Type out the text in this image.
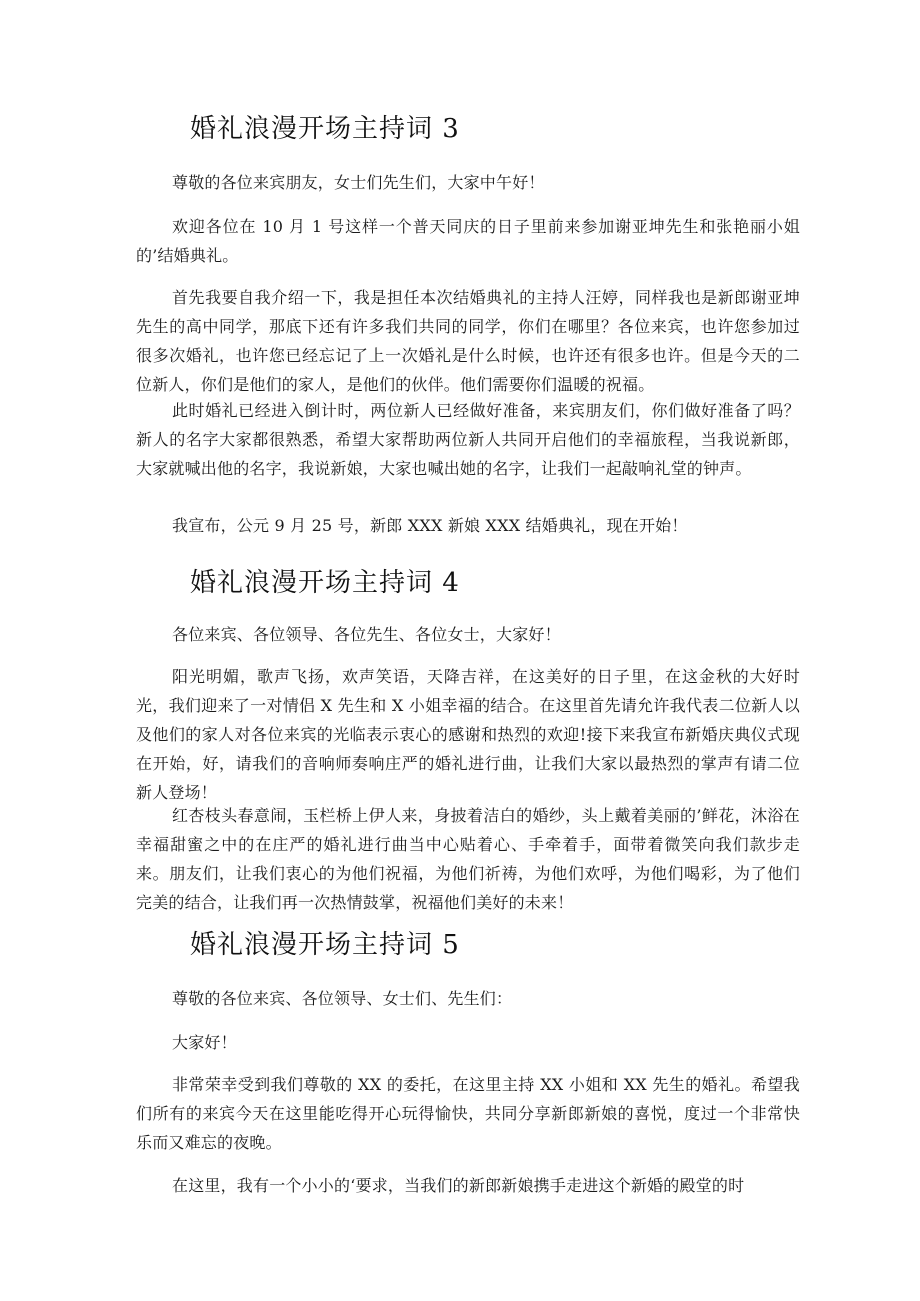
婚礼浪漫开场主持词 3

尊敬的各位来宾朋友，女士们先生们，大家中午好！

欢迎各位在 10 月 1 号这样一个普天同庆的日子里前来参加谢亚坤先生和张艳丽小姐的’结婚典礼。

首先我要自我介绍一下，我是担任本次结婚典礼的主持人汪婷，同样我也是新郎谢亚坤先生的高中同学，那底下还有许多我们共同的同学，你们在哪里？各位来宾，也许您参加过很多次婚礼，也许您已经忘记了上一次婚礼是什么时候，也许还有很多也许。但是今天的二位新人，你们是他们的家人，是他们的伙伴。他们需要你们温暖的祝福。

此时婚礼已经进入倒计时，两位新人已经做好准备，来宾朋友们，你们做好准备了吗？新人的名字大家都很熟悉，希望大家帮助两位新人共同开启他们的幸福旅程，当我说新郎，大家就喊出他的名字，我说新娘，大家也喊出她的名字，让我们一起敲响礼堂的钟声。

我宣布，公元 9 月 25 号，新郎 XXX 新娘 XXX 结婚典礼，现在开始！

婚礼浪漫开场主持词 4

各位来宾、各位领导、各位先生、各位女士，大家好！

阳光明媚，歌声飞扬，欢声笑语，天降吉祥，在这美好的日子里，在这金秋的大好时光，我们迎来了一对情侣 X 先生和 X 小姐幸福的结合。在这里首先请允许我代表二位新人以及他们的家人对各位来宾的光临表示衷心的感谢和热烈的欢迎!接下来我宣布新婚庆典仪式现在开始，好，请我们的音响师奏响庄严的婚礼进行曲，让我们大家以最热烈的掌声有请二位新人登场！

红杏枝头春意闹，玉栏桥上伊人来，身披着洁白的婚纱，头上戴着美丽的’鲜花，沐浴在幸福甜蜜之中的在庄严的婚礼进行曲当中心贴着心、手牵着手，面带着微笑向我们款步走来。朋友们，让我们衷心的为他们祝福，为他们祈祷，为他们欢呼，为他们喝彩，为了他们完美的结合，让我们再一次热情鼓掌，祝福他们美好的未来！

婚礼浪漫开场主持词 5

尊敬的各位来宾、各位领导、女士们、先生们：

大家好！

非常荣幸受到我们尊敬的 XX 的委托，在这里主持 XX 小姐和 XX 先生的婚礼。希望我们所有的来宾今天在这里能吃得开心玩得愉快，共同分享新郎新娘的喜悦，度过一个非常快乐而又难忘的夜晚。

在这里，我有一个小小的‘要求，当我们的新郎新娘携手走进这个新婚的殿堂的时
